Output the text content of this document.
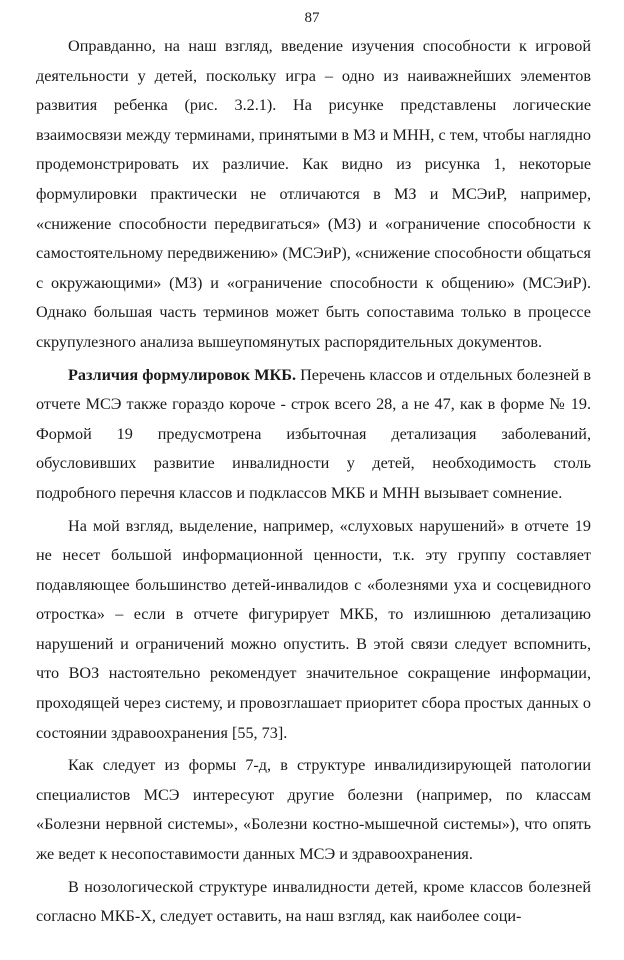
87

Оправданно, на наш взгляд, введение изучения способности к игровой деятельности у детей, поскольку игра – одно из наиважнейших элементов развития ребенка (рис. 3.2.1). На рисунке представлены логические взаимосвязи между терминами, принятыми в МЗ и МНН, с тем, чтобы наглядно продемонстрировать их различие. Как видно из рисунка 1, некоторые формулировки практически не отличаются в МЗ и МСЭиР, например, «снижение способности передвигаться» (МЗ) и «ограничение способности к самостоятельному передвижению» (МСЭиР), «снижение способности общаться с окружающими» (МЗ) и «ограничение способности к общению» (МСЭиР). Однако большая часть терминов может быть сопоставима только в процессе скрупулезного анализа вышеупомянутых распорядительных документов.

Различия формулировок МКБ. Перечень классов и отдельных болезней в отчете МСЭ также гораздо короче - строк всего 28, а не 47, как в форме № 19. Формой 19 предусмотрена избыточная детализация заболеваний, обусловивших развитие инвалидности у детей, необходимость столь подробного перечня классов и подклассов МКБ и МНН вызывает сомнение.

На мой взгляд, выделение, например, «слуховых нарушений» в отчете 19 не несет большой информационной ценности, т.к. эту группу составляет подавляющее большинство детей-инвалидов с «болезнями уха и сосцевидного отростка» – если в отчете фигурирует МКБ, то излишнюю детализацию нарушений и ограничений можно опустить. В этой связи следует вспомнить, что ВОЗ настоятельно рекомендует значительное сокращение информации, проходящей через систему, и провозглашает приоритет сбора простых данных о состоянии здравоохранения [55, 73].

Как следует из формы 7-д, в структуре инвалидизирующей патологии специалистов МСЭ интересуют другие болезни (например, по классам «Болезни нервной системы», «Болезни костно-мышечной системы»), что опять же ведет к несопоставимости данных МСЭ и здравоохранения.

В нозологической структуре инвалидности детей, кроме классов болезней согласно МКБ-Х, следует оставить, на наш взгляд, как наиболее соци-
